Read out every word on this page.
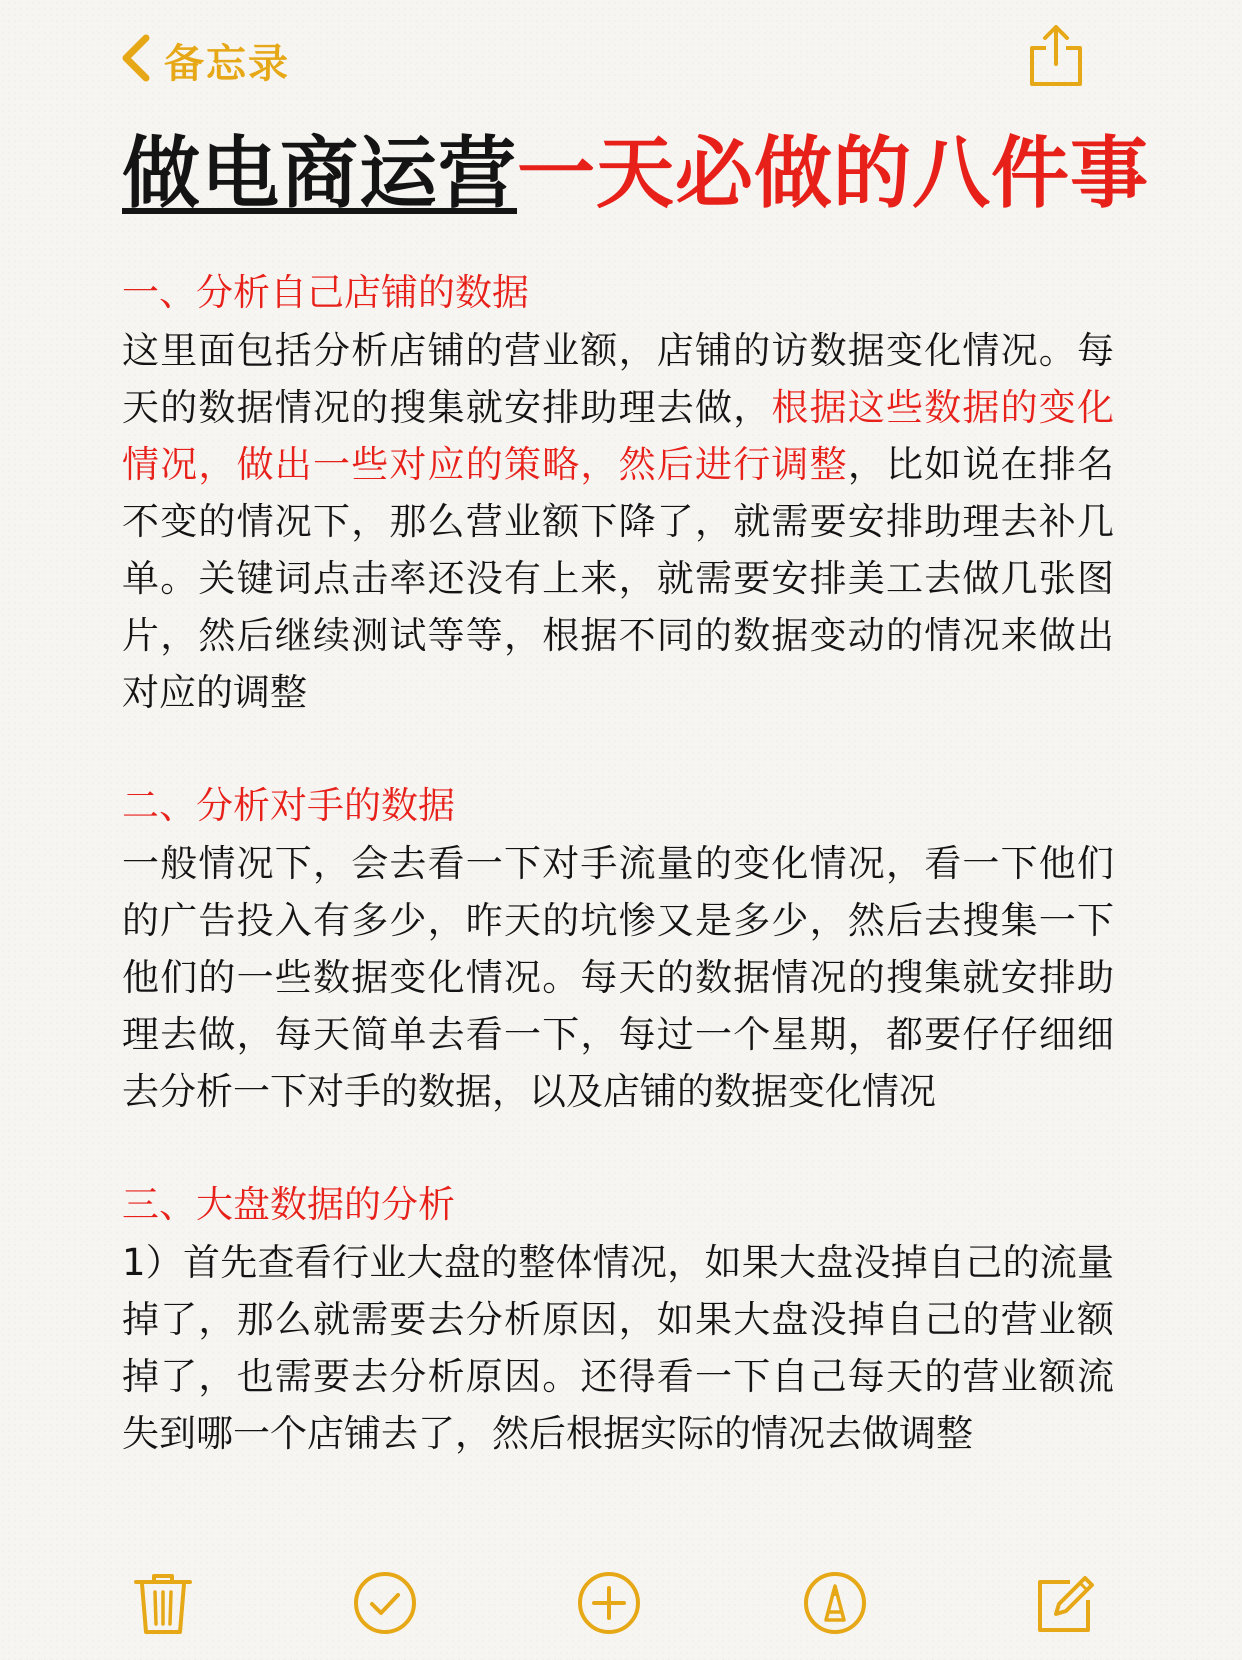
备忘录
做电商运营一天必做的八件事
一、分析自己店铺的数据

这里面包括分析店铺的营业额，店铺的访数据变化情况。每天的数据情况的搜集就安排助理去做，根据这些数据的变化情况，做出一些对应的策略，然后进行调整，比如说在排名不变的情况下，那么营业额下降了，就需要安排助理去补几单。关键词点击率还没有上来，就需要安排美工去做几张图片，然后继续测试等等，根据不同的数据变动的情况来做出对应的调整

二、分析对手的数据

一般情况下，会去看一下对手流量的变化情况，看一下他们的广告投入有多少，昨天的坑惨又是多少，然后去搜集一下他们的一些数据变化情况。每天的数据情况的搜集就安排助理去做，每天简单去看一下，每过一个星期，都要仔仔细细去分析一下对手的数据，以及店铺的数据变化情况

三、大盘数据的分析

1）首先查看行业大盘的整体情况，如果大盘没掉自己的流量掉了，那么就需要去分析原因，如果大盘没掉自己的营业额掉了，也需要去分析原因。还得看一下自己每天的营业额流失到哪一个店铺去了，然后根据实际的情况去做调整
